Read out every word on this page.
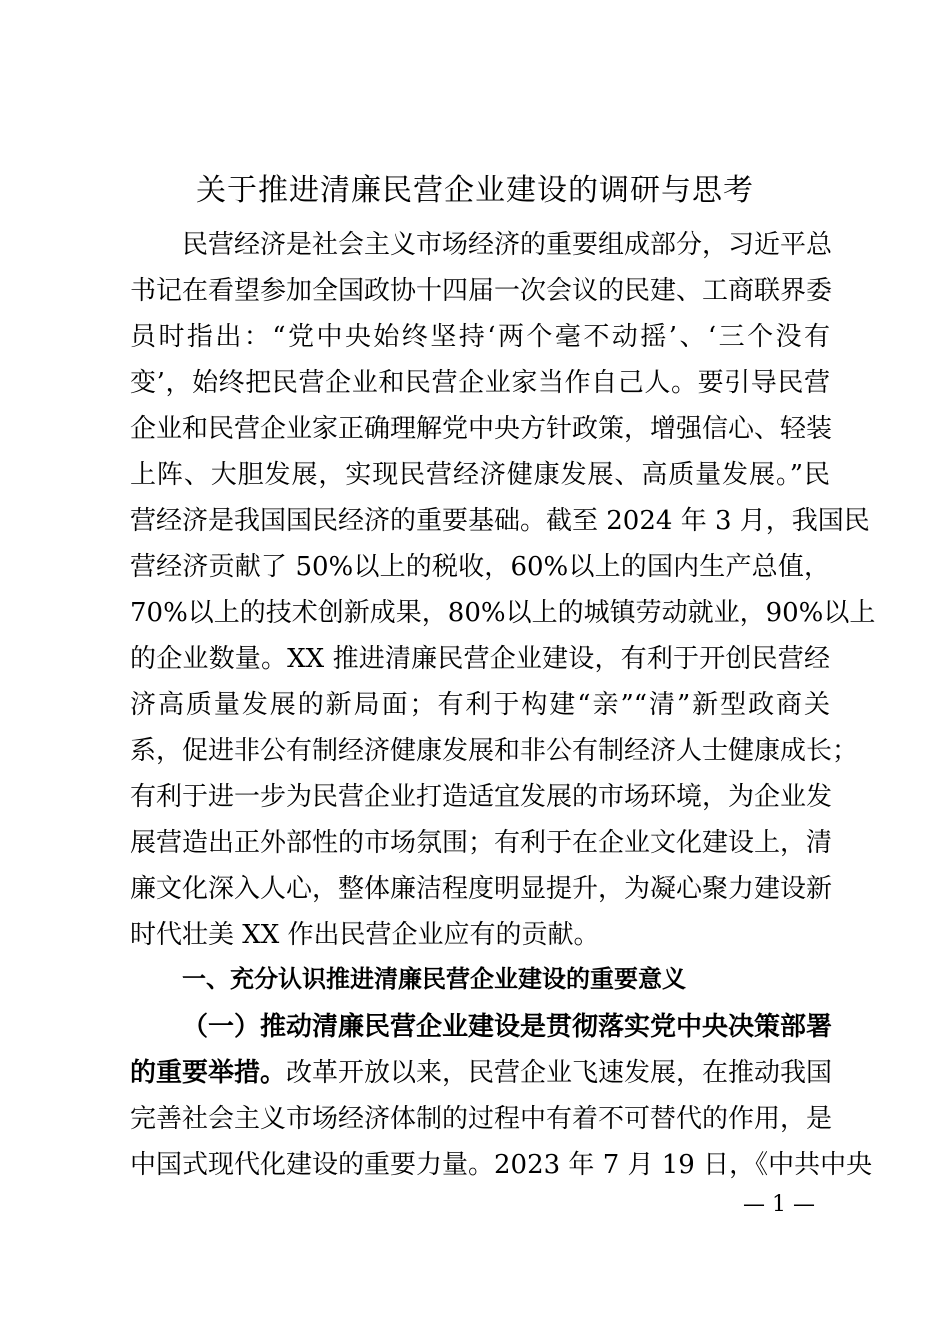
关于推进清廉民营企业建设的调研与思考
民营经济是社会主义市场经济的重要组成部分，习近平总
书记在看望参加全国政协十四届一次会议的民建、工商联界委
员时指出：“党中央始终坚持‘两个毫不动摇’、‘三个没有
变’，始终把民营企业和民营企业家当作自己人。要引导民营
企业和民营企业家正确理解党中央方针政策，增强信心、轻装
上阵、大胆发展，实现民营经济健康发展、高质量发展。”民
营经济是我国国民经济的重要基础。截至 2024 年 3 月，我国民
营经济贡献了 50%以上的税收，60%以上的国内生产总值，
70%以上的技术创新成果，80%以上的城镇劳动就业，90%以上
的企业数量。XX 推进清廉民营企业建设，有利于开创民营经
济高质量发展的新局面；有利于构建“亲”“清”新型政商关
系，促进非公有制经济健康发展和非公有制经济人士健康成长；
有利于进一步为民营企业打造适宜发展的市场环境，为企业发
展营造出正外部性的市场氛围；有利于在企业文化建设上，清
廉文化深入人心，整体廉洁程度明显提升，为凝心聚力建设新
时代壮美 XX 作出民营企业应有的贡献。
一、充分认识推进清廉民营企业建设的重要意义
（一）推动清廉民营企业建设是贯彻落实党中央决策部署
的重要举措。改革开放以来，民营企业飞速发展，在推动我国
完善社会主义市场经济体制的过程中有着不可替代的作用，是
中国式现代化建设的重要力量。2023 年 7 月 19 日，《中共中央
— 1 —
